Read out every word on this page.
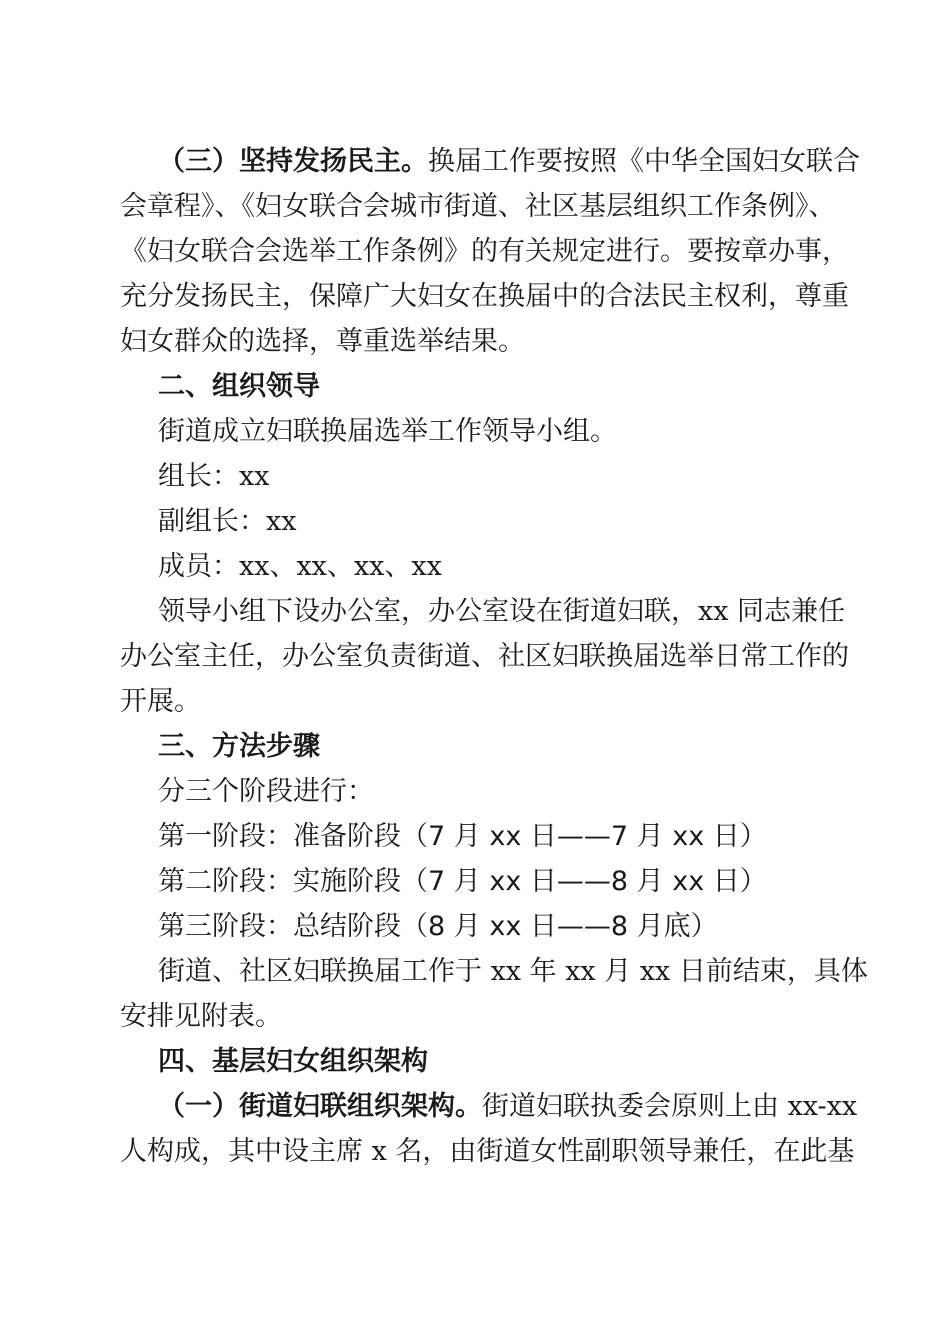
（三）坚持发扬民主。换届工作要按照《中华全国妇女联合
会章程》、《妇女联合会城市街道、社区基层组织工作条例》、
《妇女联合会选举工作条例》的有关规定进行。要按章办事，
充分发扬民主，保障广大妇女在换届中的合法民主权利，尊重
妇女群众的选择，尊重选举结果。
二、组织领导
街道成立妇联换届选举工作领导小组。
组长：xx
副组长：xx
成员：xx、xx、xx、xx
领导小组下设办公室，办公室设在街道妇联，xx 同志兼任
办公室主任，办公室负责街道、社区妇联换届选举日常工作的
开展。
三、方法步骤
分三个阶段进行：
第一阶段：准备阶段（7 月 xx 日——7 月 xx 日）
第二阶段：实施阶段（7 月 xx 日——8 月 xx 日）
第三阶段：总结阶段（8 月 xx 日——8 月底）
街道、社区妇联换届工作于 xx 年 xx 月 xx 日前结束，具体
安排见附表。
四、基层妇女组织架构
（一）街道妇联组织架构。街道妇联执委会原则上由 xx-xx
人构成，其中设主席 x 名，由街道女性副职领导兼任，在此基
